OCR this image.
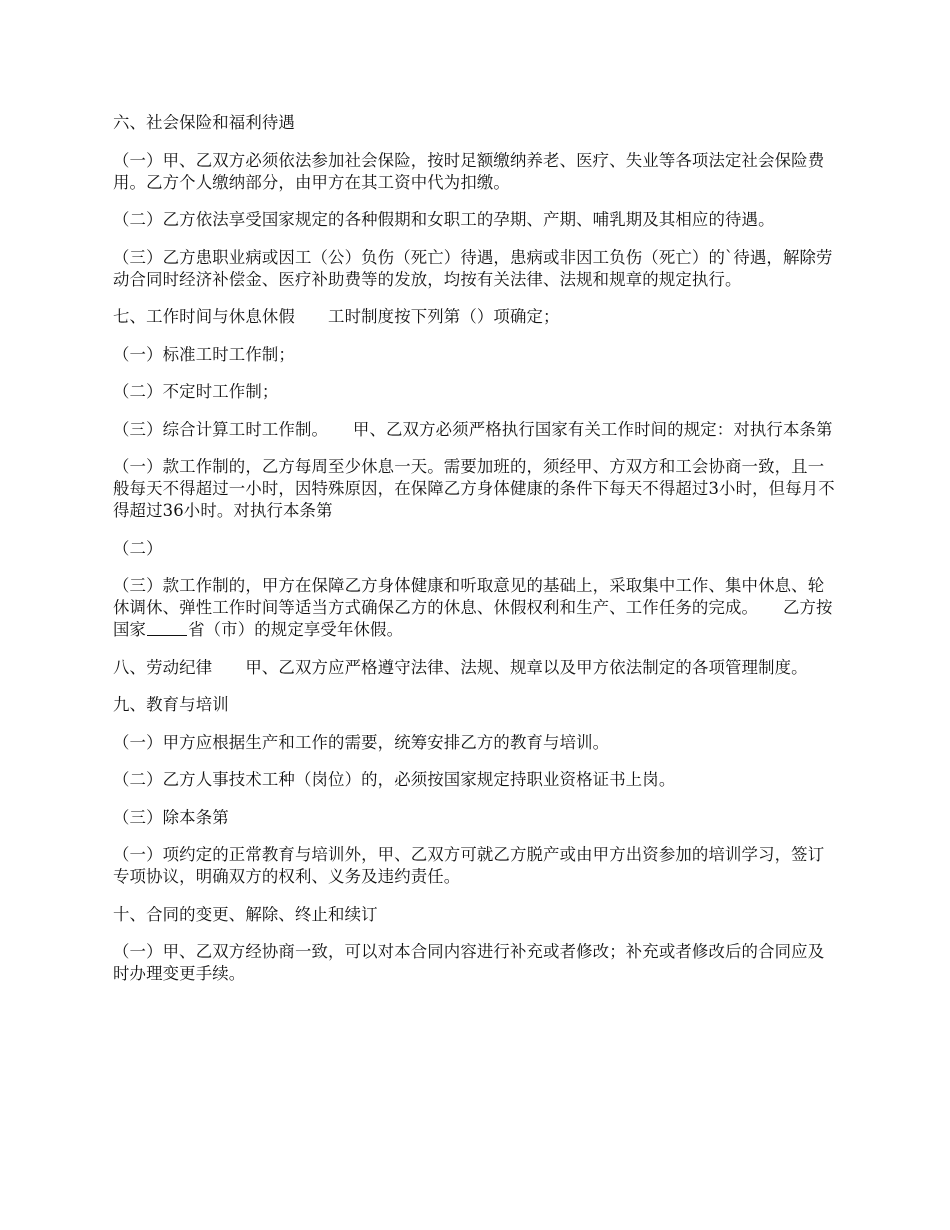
六、社会保险和福利待遇

（一）甲、乙双方必须依法参加社会保险，按时足额缴纳养老、医疗、失业等各项法定社会保险费用。乙方个人缴纳部分，由甲方在其工资中代为扣缴。

（二）乙方依法享受国家规定的各种假期和女职工的孕期、产期、哺乳期及其相应的待遇。

（三）乙方患职业病或因工（公）负伤（死亡）待遇，患病或非因工负伤（死亡）的`待遇，解除劳动合同时经济补偿金、医疗补助费等的发放，均按有关法律、法规和规章的规定执行。

七、工作时间与休息休假　　工时制度按下列第（）项确定；

（一）标准工时工作制；

（二）不定时工作制；

（三）综合计算工时工作制。　　甲、乙双方必须严格执行国家有关工作时间的规定：对执行本条第

（一）款工作制的，乙方每周至少休息一天。需要加班的，须经甲、方双方和工会协商一致，且一般每天不得超过一小时，因特殊原因，在保障乙方身体健康的条件下每天不得超过3小时，但每月不得超过36小时。对执行本条第

（二）

（三）款工作制的，甲方在保障乙方身体健康和听取意见的基础上，采取集中工作、集中休息、轮休调休、弹性工作时间等适当方式确保乙方的休息、休假权利和生产、工作任务的完成。　　乙方按国家	省（市）的规定享受年休假。

八、劳动纪律　　甲、乙双方应严格遵守法律、法规、规章以及甲方依法制定的各项管理制度。

九、教育与培训

（一）甲方应根据生产和工作的需要，统筹安排乙方的教育与培训。

（二）乙方人事技术工种（岗位）的，必须按国家规定持职业资格证书上岗。

（三）除本条第

（一）项约定的正常教育与培训外，甲、乙双方可就乙方脱产或由甲方出资参加的培训学习，签订专项协议，明确双方的权利、义务及违约责任。

十、合同的变更、解除、终止和续订

（一）甲、乙双方经协商一致，可以对本合同内容进行补充或者修改；补充或者修改后的合同应及时办理变更手续。
